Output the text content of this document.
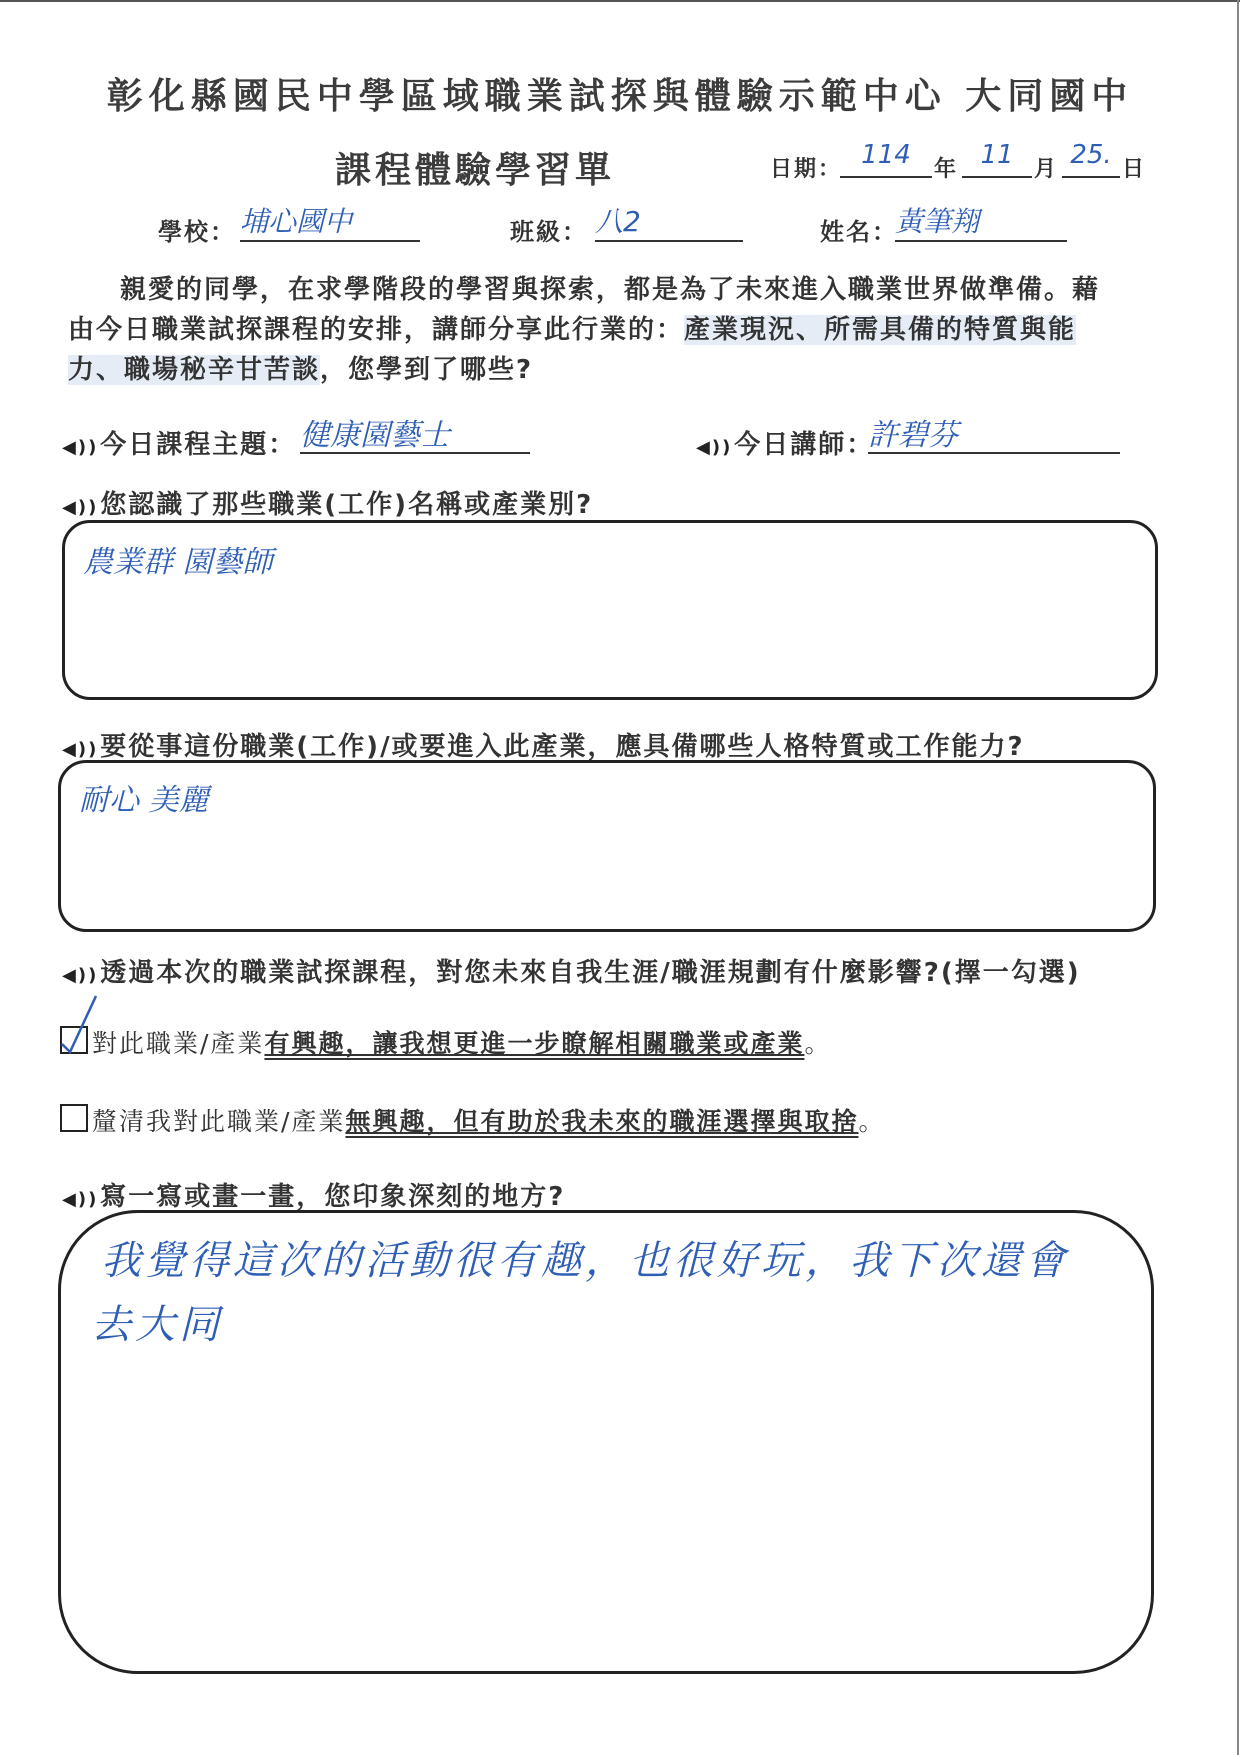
彰化縣國民中學區域職業試探與體驗示範中心 大同國中
課程體驗學習單	日期： 114	年 11 月 25. 日
學校： 埔心國中	班級： 八2	姓名：
黃筆翔
親愛的同學，在求學階段的學習與探索，都是為了未來進入職業世界做準備。藉
由今日職業試探課程的安排，講師分享此行業的：產業現況、所需具備的特質與能
力、職場秘辛甘苦談，您學到了哪些?
◀))今日課程主題： 健康園藝士	◀))今日講師：
許碧芬
◀))您認識了那些職業(工作)名稱或產業別?
農業群 園藝師
◀))要從事這份職業(工作)/或要進入此產業，應具備哪些人格特質或工作能力?
耐心 美麗
◀))透過本次的職業試探課程，對您未來自我生涯/職涯規劃有什麼影響?(擇一勾選)
對此職業/產業有興趣，讓我想更進一步瞭解相關職業或產業。
釐清我對此職業/產業無興趣，但有助於我未來的職涯選擇與取捨。
◀))寫一寫或畫一畫，您印象深刻的地方?
我覺得這次的活動很有趣，也很好玩，我下次還會
去大同
